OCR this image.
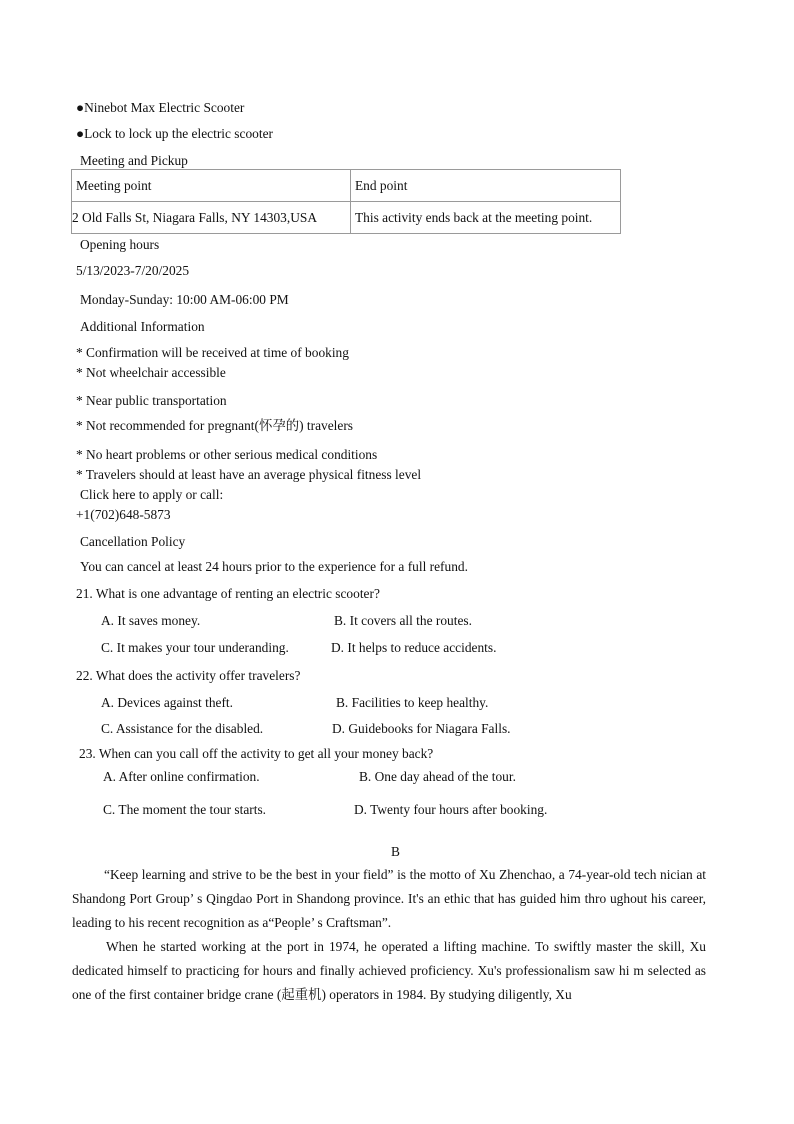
●Ninebot Max Electric Scooter
●Lock to lock up the electric scooter
Meeting and Pickup
Meeting point	End point
2 Old Falls St, Niagara Falls, NY 14303,USA	This activity ends back at the meeting point.
Opening hours
5/13/2023-7/20/2025
Monday-Sunday: 10:00 AM-06:00 PM
Additional Information
* Confirmation will be received at time of booking
* Not wheelchair accessible
* Near public transportation
* Not recommended for pregnant(怀孕的) travelers
* No heart problems or other serious medical conditions
* Travelers should at least have an average physical fitness level
Click here to apply or call:
+1(702)648-5873
Cancellation Policy
You can cancel at least 24 hours prior to the experience for a full refund.
21. What is one advantage of renting an electric scooter?
A. It saves money.	B. It covers all the routes.
C. It makes your tour underanding.	D. It helps to reduce accidents.
22. What does the activity offer travelers?
A. Devices against theft.	B. Facilities to keep healthy.
C. Assistance for the disabled.	D. Guidebooks for Niagara Falls.
23. When can you call off the activity to get all your money back?
A. After online confirmation.	B. One day ahead of the tour.
C. The moment the tour starts.	D. Twenty four hours after booking.
B

“Keep learning and strive to be the best in your field” is the motto of Xu Zhenchao, a 74-year-old tech nician at Shandong Port Group’ s Qingdao Port in Shandong province. It's an ethic that has guided him thro ughout his career, leading to his recent recognition as a“People’ s Craftsman”.

When he started working at the port in 1974, he operated a lifting machine. To swiftly master the skill, Xu dedicated himself to practicing for hours and finally achieved proficiency. Xu's professionalism saw hi m selected as one of the first container bridge crane (起重机) operators in 1984. By studying diligently, Xu
